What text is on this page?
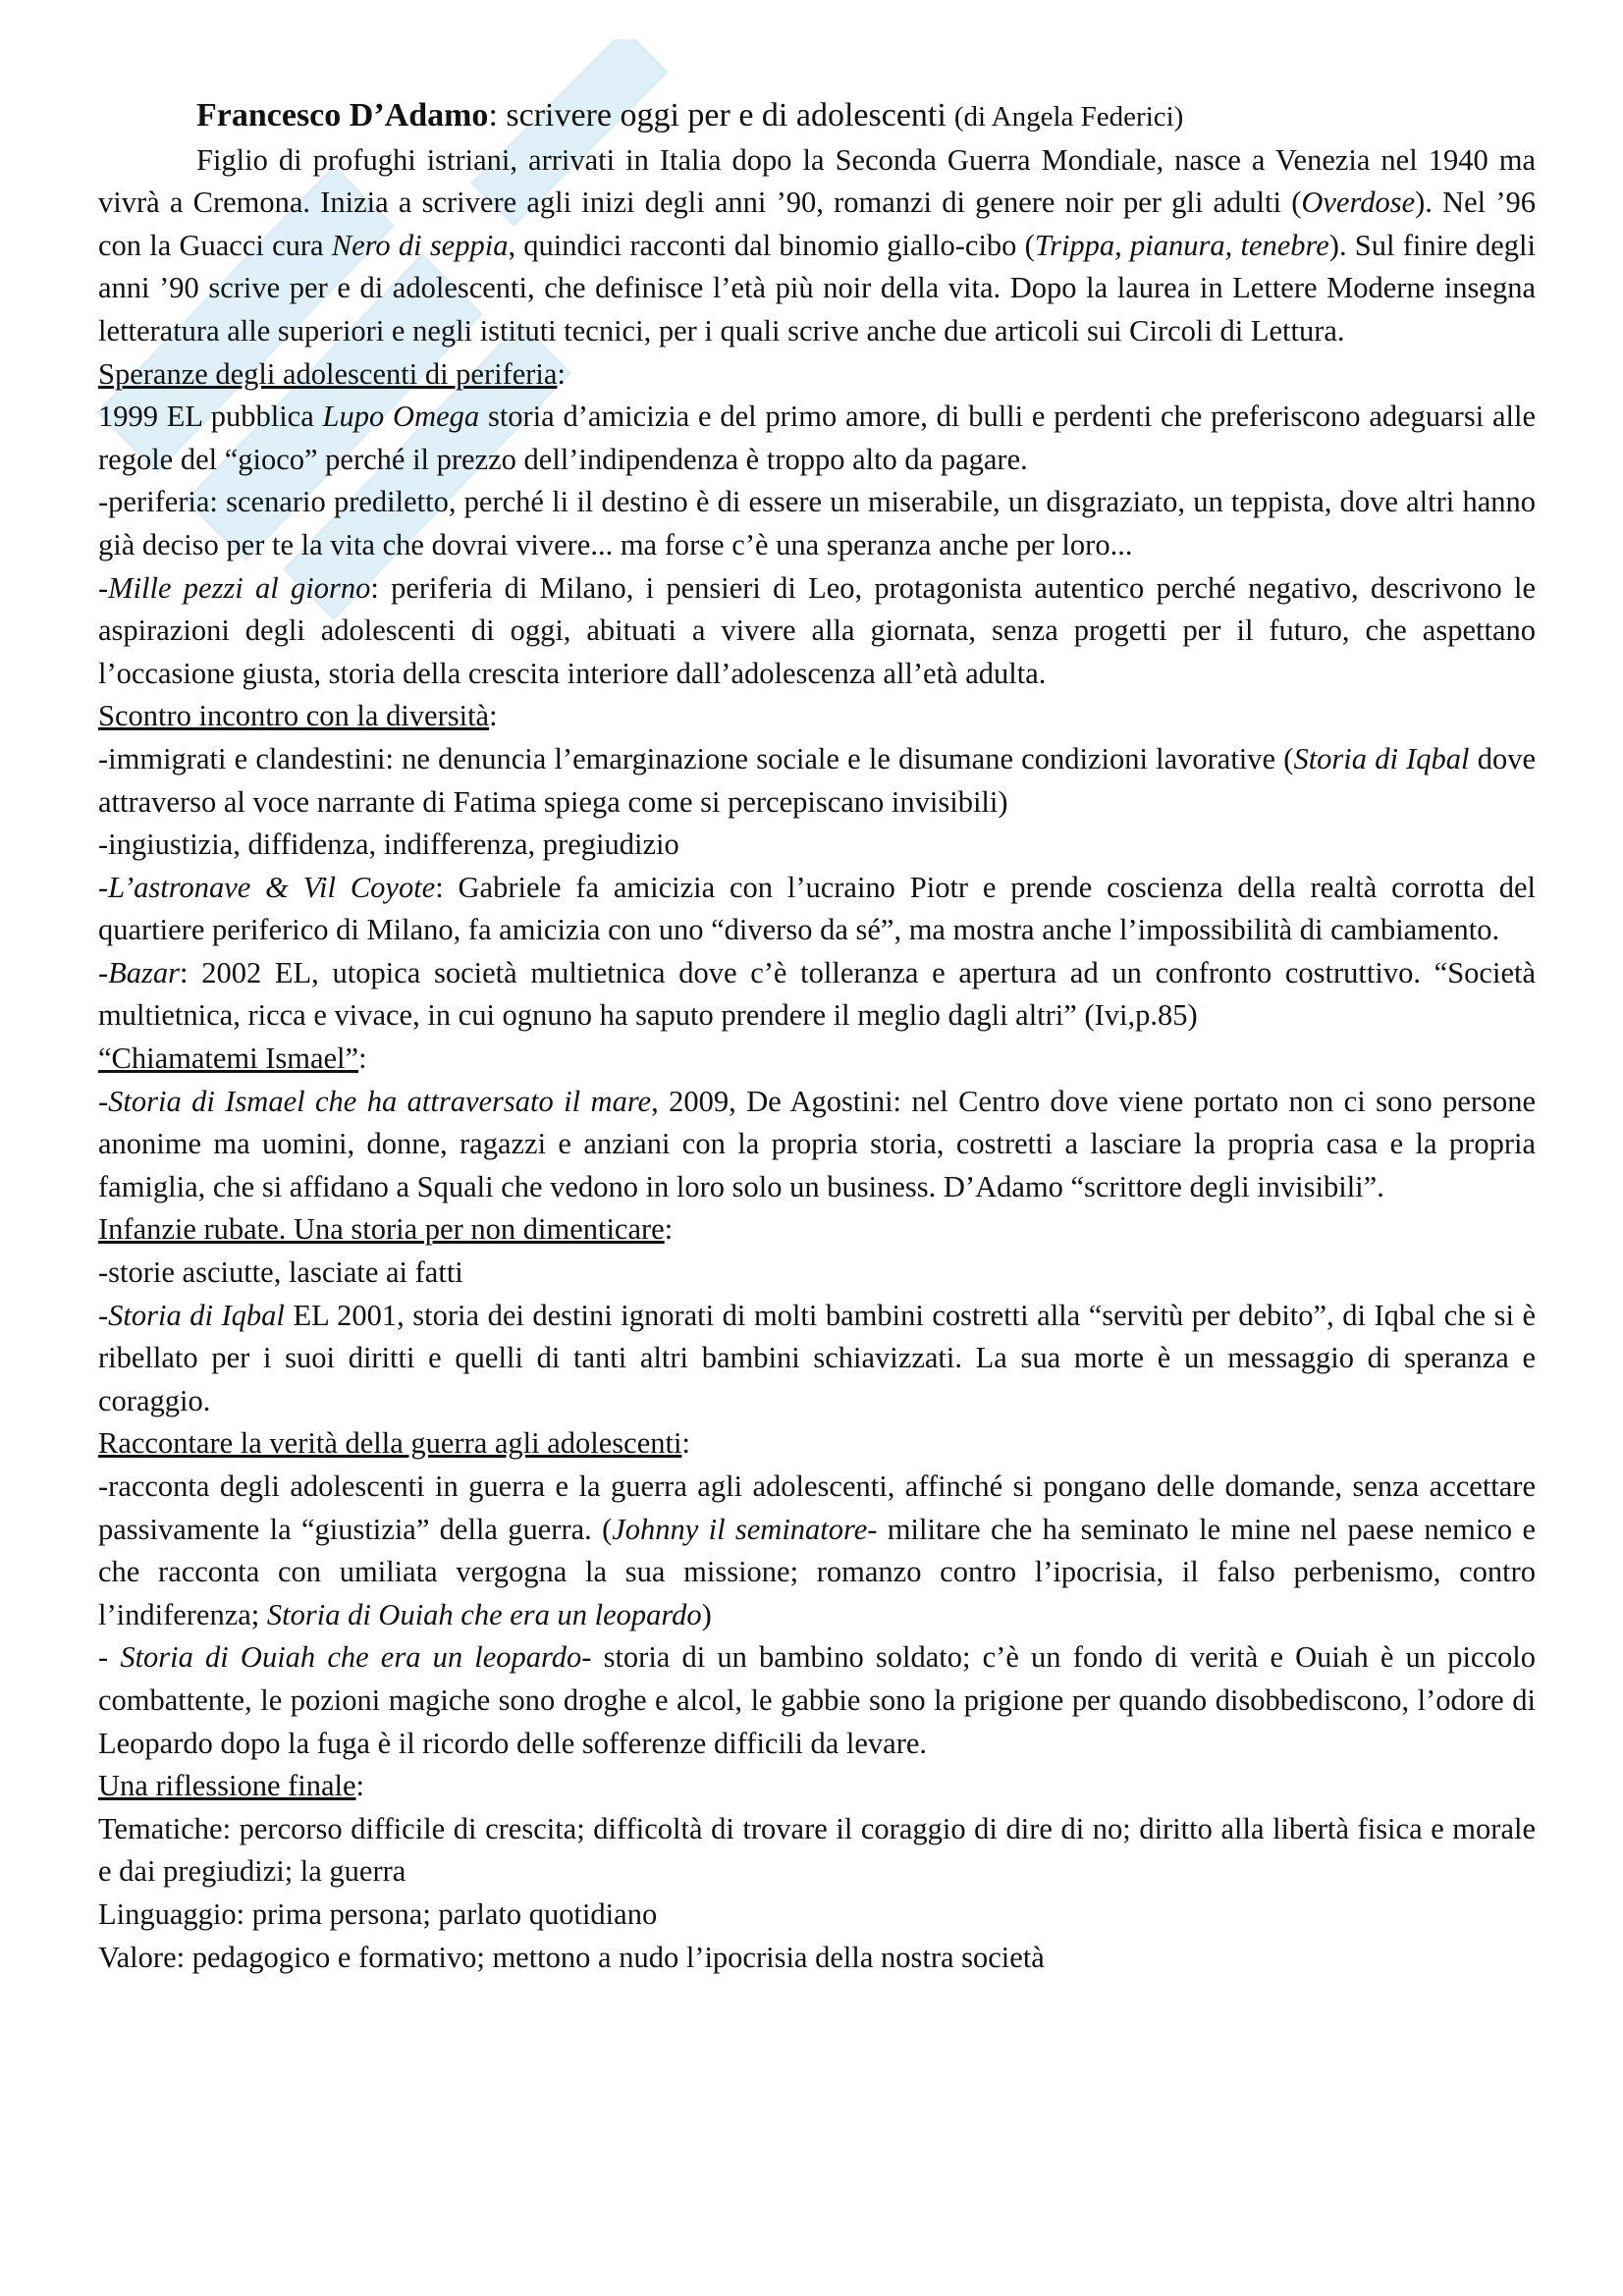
Francesco D’Adamo: scrivere oggi per e di adolescenti (di Angela Federici)

Figlio di profughi istriani, arrivati in Italia dopo la Seconda Guerra Mondiale, nasce a Venezia nel 1940 ma vivrà a Cremona. Inizia a scrivere agli inizi degli anni ’90, romanzi di genere noir per gli adulti (Overdose). Nel ’96 con la Guacci cura Nero di seppia, quindici racconti dal binomio giallo-cibo (Trippa, pianura, tenebre). Sul finire degli anni ’90 scrive per e di adolescenti, che definisce l’età più noir della vita. Dopo la laurea in Lettere Moderne insegna letteratura alle superiori e negli istituti tecnici, per i quali scrive anche due articoli sui Circoli di Lettura.

Speranze degli adolescenti di periferia:

1999 EL pubblica Lupo Omega storia d’amicizia e del primo amore, di bulli e perdenti che preferiscono adeguarsi alle regole del “gioco” perché il prezzo dell’indipendenza è troppo alto da pagare.

-periferia: scenario prediletto, perché li il destino è di essere un miserabile, un disgraziato, un teppista, dove altri hanno già deciso per te la vita che dovrai vivere... ma forse c’è una speranza anche per loro...

-Mille pezzi al giorno: periferia di Milano, i pensieri di Leo, protagonista autentico perché negativo, descrivono le aspirazioni degli adolescenti di oggi, abituati a vivere alla giornata, senza progetti per il futuro, che aspettano l’occasione giusta, storia della crescita interiore dall’adolescenza all’età adulta.

Scontro incontro con la diversità:

-immigrati e clandestini: ne denuncia l’emarginazione sociale e le disumane condizioni lavorative (Storia di Iqbal dove attraverso al voce narrante di Fatima spiega come si percepiscano invisibili)

-ingiustizia, diffidenza, indifferenza, pregiudizio

-L’astronave & Vil Coyote: Gabriele fa amicizia con l’ucraino Piotr e prende coscienza della realtà corrotta del quartiere periferico di Milano, fa amicizia con uno “diverso da sé”, ma mostra anche l’impossibilità di cambiamento.

-Bazar: 2002 EL, utopica società multietnica dove c’è tolleranza e apertura ad un confronto costruttivo. “Società multietnica, ricca e vivace, in cui ognuno ha saputo prendere il meglio dagli altri” (Ivi,p.85)

“Chiamatemi Ismael”:

-Storia di Ismael che ha attraversato il mare, 2009, De Agostini: nel Centro dove viene portato non ci sono persone anonime ma uomini, donne, ragazzi e anziani con la propria storia, costretti a lasciare la propria casa e la propria famiglia, che si affidano a Squali che vedono in loro solo un business. D’Adamo “scrittore degli invisibili”.

Infanzie rubate. Una storia per non dimenticare:

-storie asciutte, lasciate ai fatti

-Storia di Iqbal EL 2001, storia dei destini ignorati di molti bambini costretti alla “servitù per debito”, di Iqbal che si è ribellato per i suoi diritti e quelli di tanti altri bambini schiavizzati. La sua morte è un messaggio di speranza e coraggio.

Raccontare la verità della guerra agli adolescenti:

-racconta degli adolescenti in guerra e la guerra agli adolescenti, affinché si pongano delle domande, senza accettare passivamente la “giustizia” della guerra. (Johnny il seminatore- militare che ha seminato le mine nel paese nemico e che racconta con umiliata vergogna la sua missione; romanzo contro l’ipocrisia, il falso perbenismo, contro l’indiferenza; Storia di Ouiah che era un leopardo)

- Storia di Ouiah che era un leopardo- storia di un bambino soldato; c’è un fondo di verità e Ouiah è un piccolo combattente, le pozioni magiche sono droghe e alcol, le gabbie sono la prigione per quando disobbediscono, l’odore di Leopardo dopo la fuga è il ricordo delle sofferenze difficili da levare.

Una riflessione finale:

Tematiche: percorso difficile di crescita; difficoltà di trovare il coraggio di dire di no; diritto alla libertà fisica e morale e dai pregiudizi; la guerra

Linguaggio: prima persona; parlato quotidiano

Valore: pedagogico e formativo; mettono a nudo l’ipocrisia della nostra società
